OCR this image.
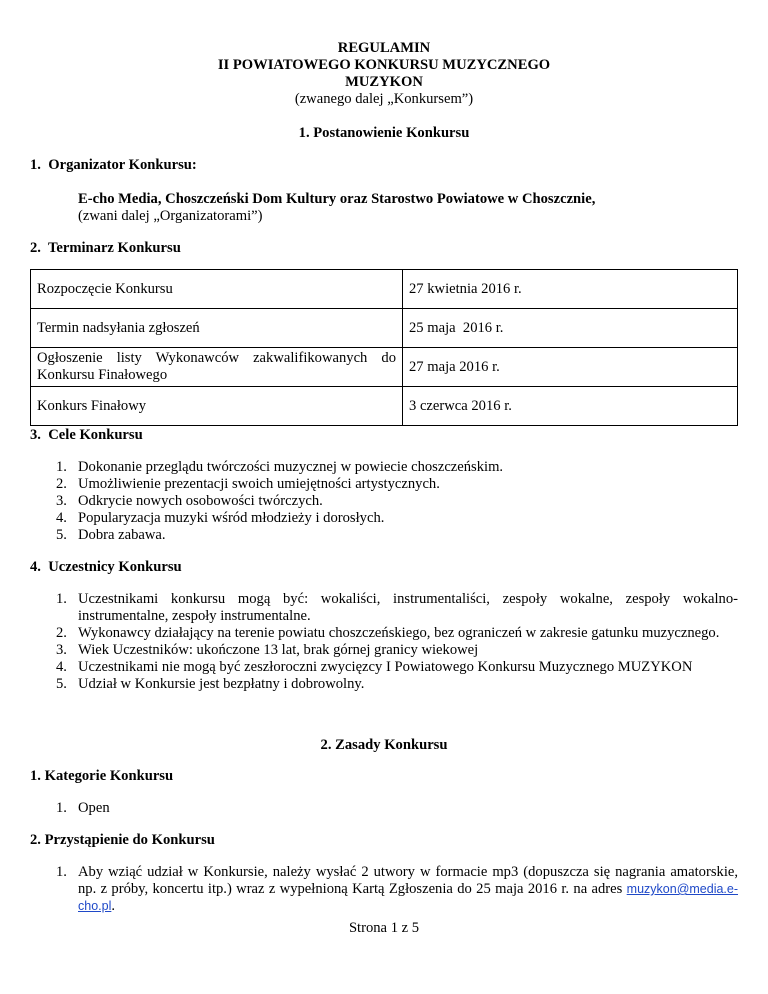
REGULAMIN
II POWIATOWEGO KONKURSU MUZYCZNEGO
MUZYKON
(zwanego dalej „Konkursem”)
1. Postanowienie Konkursu
1.  Organizator Konkursu:
E-cho Media, Choszczeński Dom Kultury oraz Starostwo Powiatowe w Choszcznie,
(zwani dalej „Organizatorami”)
2.  Terminarz Konkursu
Rozpoczęcie Konkursu	27 kwietnia 2016 r.
Termin nadsyłania zgłoszeń	25 maja  2016 r.
Ogłoszenie listy Wykonawców zakwalifikowanych do Konkursu Finałowego	27 maja 2016 r.
Konkurs Finałowy	3 czerwca 2016 r.
3.  Cele Konkursu
1. Dokonanie przeglądu twórczości muzycznej w powiecie choszczeńskim.
2. Umożliwienie prezentacji swoich umiejętności artystycznych.
3. Odkrycie nowych osobowości twórczych.
4. Popularyzacja muzyki wśród młodzieży i dorosłych.
5. Dobra zabawa.
4.  Uczestnicy Konkursu
1. Uczestnikami konkursu mogą być: wokaliści, instrumentaliści, zespoły wokalne, zespoły wokalno-instrumentalne, zespoły instrumentalne.
2. Wykonawcy działający na terenie powiatu choszczeńskiego, bez ograniczeń w zakresie gatunku muzycznego.
3. Wiek Uczestników: ukończone 13 lat, brak górnej granicy wiekowej
4. Uczestnikami nie mogą być zeszłoroczni zwycięzcy I Powiatowego Konkursu Muzycznego MUZYKON
5. Udział w Konkursie jest bezpłatny i dobrowolny.
2. Zasady Konkursu
1. Kategorie Konkursu
1. Open
2. Przystąpienie do Konkursu
1. Aby wziąć udział w Konkursie, należy wysłać 2 utwory w formacie mp3 (dopuszcza się nagrania amatorskie, np. z próby, koncertu itp.) wraz z wypełnioną Kartą Zgłoszenia do 25 maja 2016 r. na adres muzykon@media.e-cho.pl.
Strona 1 z 5
